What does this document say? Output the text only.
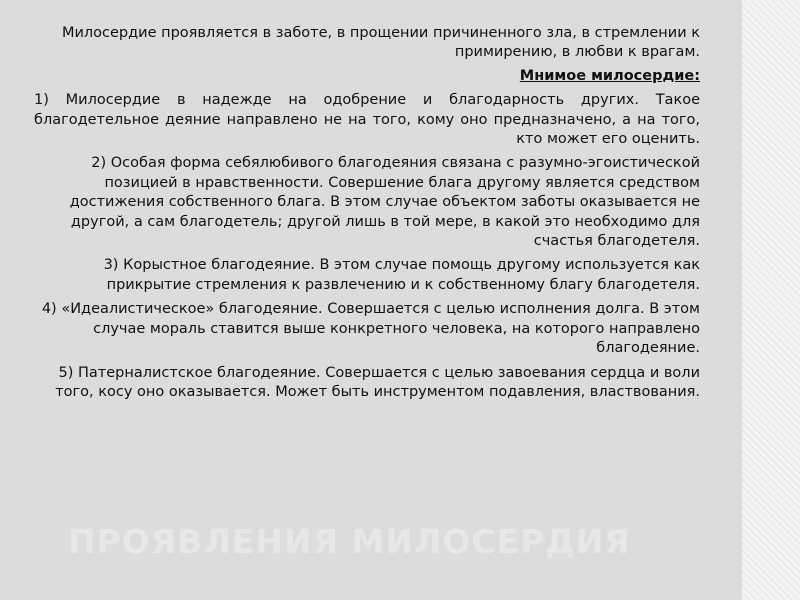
Милосердие проявляется в заботе, в прощении причиненного зла, в стремлении к примирению, в любви к врагам.

Мнимое милосердие:

1) Милосердие в надежде на одобрение и благодарность других. Такое благодетельное деяние направлено не на того, кому оно предназначено, а на того, кто может его оценить.

2) Особая форма себялюбивого благодеяния связана с разумно-эгоистической позицией в нравственности. Совершение блага другому является средством достижения собственного блага. В этом случае объектом заботы оказывается не другой, а сам благодетель; другой лишь в той мере, в какой это необходимо для счастья благодетеля.

3) Корыстное благодеяние. В этом случае помощь другому используется как прикрытие стремления к развлечению и к собственному благу благодетеля.

4) «Идеалистическое» благодеяние. Совершается с целью исполнения долга. В этом случае мораль ставится выше конкретного человека, на которого направлено благодеяние.

5) Патерналистское благодеяние. Совершается с целью завоевания сердца и воли того, косу оно оказывается. Может быть инструментом подавления, властвования.

ПРОЯВЛЕНИЯ МИЛОСЕРДИЯ
